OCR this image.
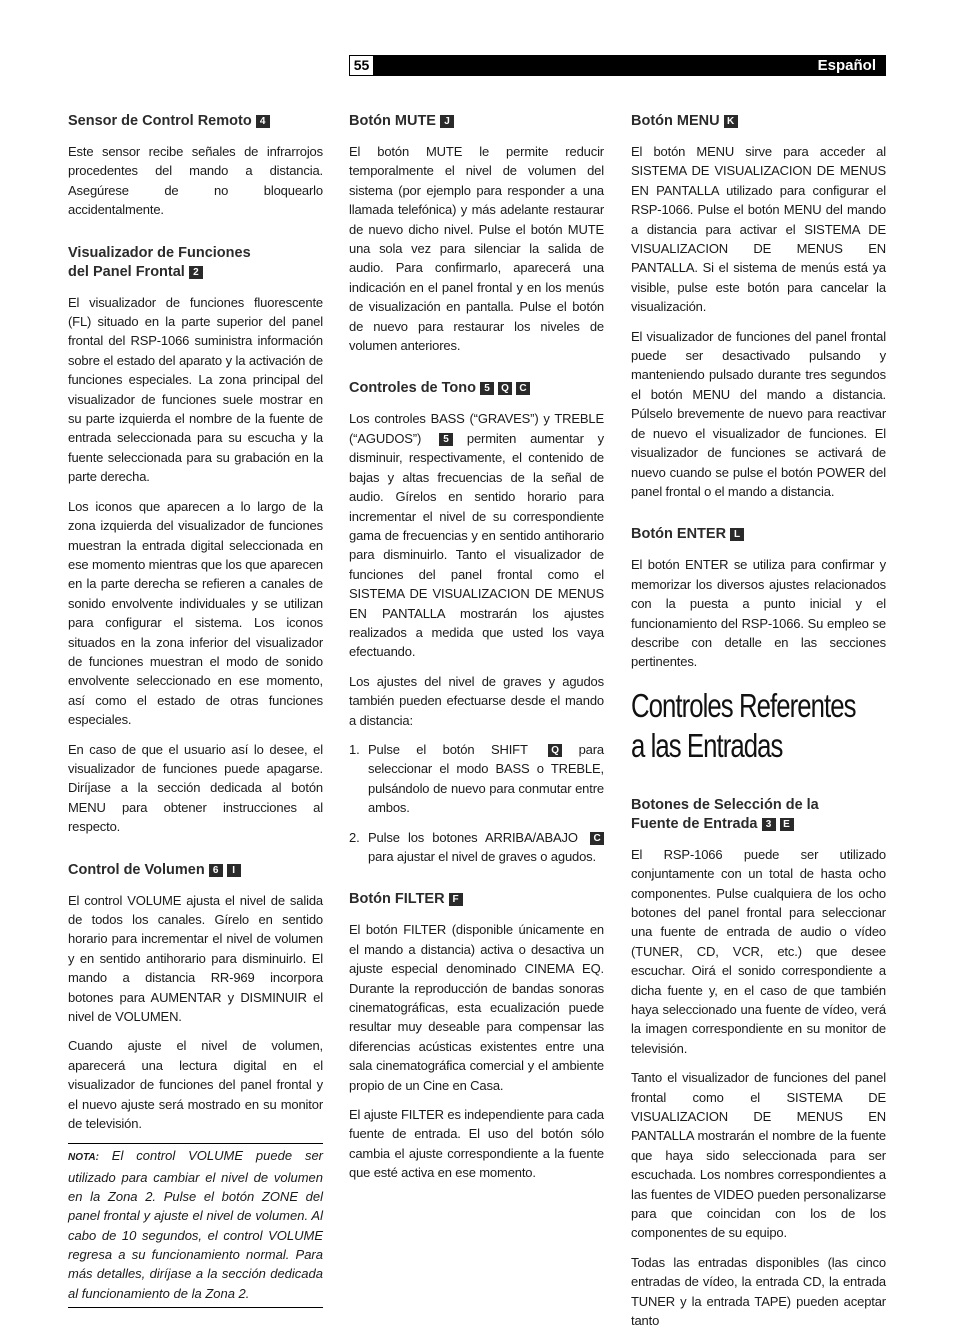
55	Español
Sensor de Control Remoto 4

Este sensor recibe señales de infrarrojos procedentes del mando a distancia. Asegúrese de no bloquearlo accidentalmente.

Visualizador de Funciones
del Panel Frontal 2

El visualizador de funciones fluorescente (FL) situado en la parte superior del panel frontal del RSP-1066 suministra información sobre el estado del aparato y la activación de funciones especiales. La zona principal del visualizador de funciones suele mostrar en su parte izquierda el nombre de la fuente de entrada seleccionada para su escucha y la fuente seleccionada para su grabación en la parte derecha.

Los iconos que aparecen a lo largo de la zona izquierda del visualizador de funciones muestran la entrada digital seleccionada en ese momento mientras que los que aparecen en la parte derecha se refieren a canales de sonido envolvente individuales y se utilizan para configurar el sistema. Los iconos situados en la zona inferior del visualizador de funciones muestran el modo de sonido envolvente seleccionado en ese momento, así como el estado de otras funciones especiales.

En caso de que el usuario así lo desee, el visualizador de funciones puede apagarse. Diríjase a la sección dedicada al botón MENU para obtener instrucciones al respecto.

Control de Volumen 6 I

El control VOLUME ajusta el nivel de salida de todos los canales. Gírelo en sentido horario para incrementar el nivel de volumen y en sentido antihorario para disminuirlo. El mando a distancia RR-969 incorpora botones para AUMENTAR y DISMINUIR el nivel de VOLUMEN.

Cuando ajuste el nivel de volumen, aparecerá una lectura digital en el visualizador de funciones del panel frontal y el nuevo ajuste será mostrado en su monitor de televisión.

NOTA: El control VOLUME puede ser utilizado para cambiar el nivel de volumen en la Zona 2. Pulse el botón ZONE del panel frontal y ajuste el nivel de volumen. Al cabo de 10 segundos, el control VOLUME regresa a su funcionamiento normal. Para más detalles, diríjase a la sección dedicada al funcionamiento de la Zona 2.
Botón MUTE J

El botón MUTE le permite reducir temporalmente el nivel de volumen del sistema (por ejemplo para responder a una llamada telefónica) y más adelante restaurar de nuevo dicho nivel. Pulse el botón MUTE una sola vez para silenciar la salida de audio. Para confirmarlo, aparecerá una indicación en el panel frontal y en los menús de visualización en pantalla. Pulse el botón de nuevo para restaurar los niveles de volumen anteriores.

Controles de Tono 5 Q C

Los controles BASS (“GRAVES”) y TREBLE (“AGUDOS”) 5 permiten aumentar y disminuir, respectivamente, el contenido de bajas y altas frecuencias de la señal de audio. Gírelos en sentido horario para incrementar el nivel de su correspondiente gama de frecuencias y en sentido antihorario para disminuirlo. Tanto el visualizador de funciones del panel frontal como el SISTEMA DE VISUALIZACION DE MENUS EN PANTALLA mostrarán los ajustes realizados a medida que usted los vaya efectuando.

Los ajustes del nivel de graves y agudos también pueden efectuarse desde el mando a distancia:

1. Pulse el botón SHIFT Q para seleccionar el modo BASS o TREBLE, pulsándolo de nuevo para conmutar entre ambos.
2. Pulse los botones ARRIBA/ABAJO C para ajustar el nivel de graves o agudos.
Botón FILTER F

El botón FILTER (disponible únicamente en el mando a distancia) activa o desactiva un ajuste especial denominado CINEMA EQ. Durante la reproducción de bandas sonoras cinematográficas, esta ecualización puede resultar muy deseable para compensar las diferencias acústicas existentes entre una sala cinematográfica comercial y el ambiente propio de un Cine en Casa.

El ajuste FILTER es independiente para cada fuente de entrada. El uso del botón sólo cambia el ajuste correspondiente a la fuente que esté activa en ese momento.

Botón MENU K

El botón MENU sirve para acceder al SISTEMA DE VISUALIZACION DE MENUS EN PANTALLA utilizado para configurar el RSP-1066. Pulse el botón MENU del mando a distancia para activar el SISTEMA DE VISUALIZACION DE MENUS EN PANTALLA. Si el sistema de menús está ya visible, pulse este botón para cancelar la visualización.

El visualizador de funciones del panel frontal puede ser desactivado pulsando y manteniendo pulsado durante tres segundos el botón MENU del mando a distancia. Púlselo brevemente de nuevo para reactivar de nuevo el visualizador de funciones. El visualizador de funciones se activará de nuevo cuando se pulse el botón POWER del panel frontal o el mando a distancia.

Botón ENTER L

El botón ENTER se utiliza para confirmar y memorizar los diversos ajustes relacionados con la puesta a punto inicial y el funcionamiento del RSP-1066. Su empleo se describe con detalle en las secciones pertinentes.

Controles Referentes
a las Entradas
Botones de Selección de la
Fuente de Entrada 3 E

El RSP-1066 puede ser utilizado conjuntamente con un total de hasta ocho componentes. Pulse cualquiera de los ocho botones del panel frontal para seleccionar una fuente de entrada de audio o vídeo (TUNER, CD, VCR, etc.) que desee escuchar. Oirá el sonido correspondiente a dicha fuente y, en el caso de que también haya seleccionado una fuente de vídeo, verá la imagen correspondiente en su monitor de televisión.

Tanto el visualizador de funciones del panel frontal como el SISTEMA DE VISUALIZACION DE MENUS EN PANTALLA mostrarán el nombre de la fuente que haya sido seleccionada para ser escuchada. Los nombres correspondientes a las fuentes de VIDEO pueden personalizarse para que coincidan con los de los componentes de su equipo.

Todas las entradas disponibles (las cinco entradas de vídeo, la entrada CD, la entrada TUNER y la entrada TAPE) pueden aceptar tanto
